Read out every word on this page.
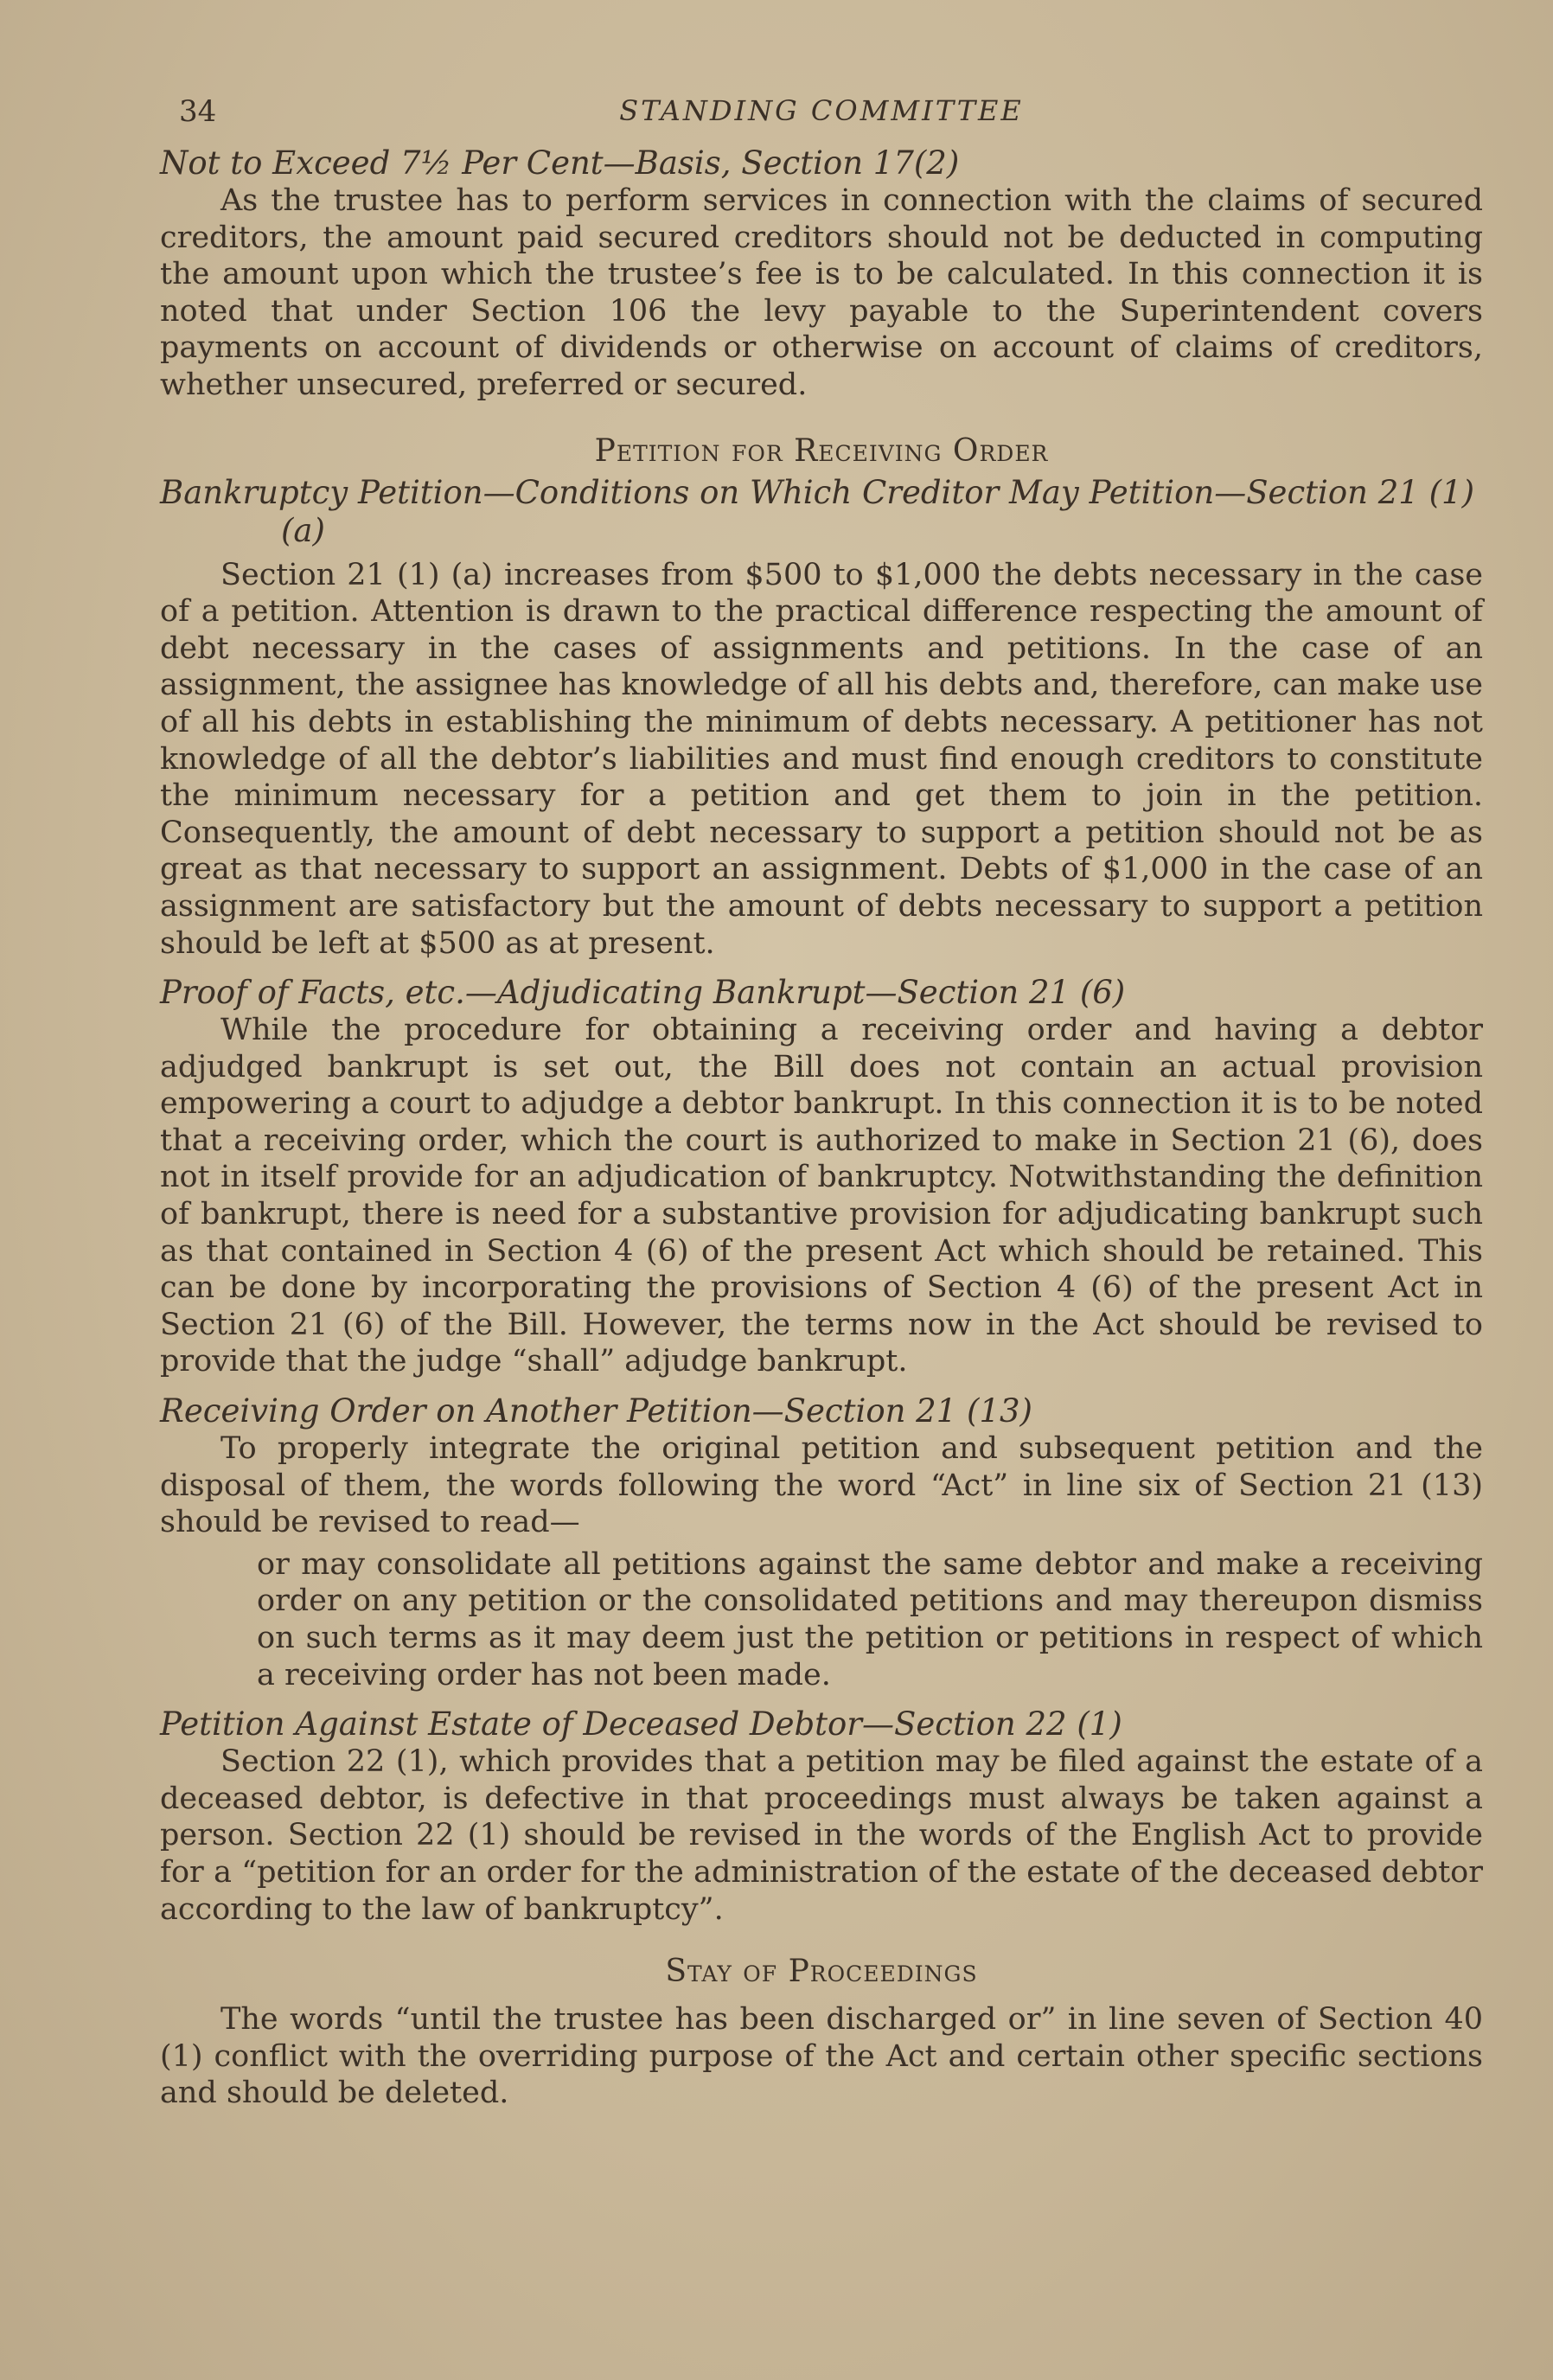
34	STANDING COMMITTEE

Not to Exceed 7½ Per Cent—Basis, Section 17(2)

As the trustee has to perform services in connection with the claims of secured creditors, the amount paid secured creditors should not be deducted in computing the amount upon which the trustee’s fee is to be calculated. In this connection it is noted that under Section 106 the levy payable to the Superintendent covers payments on account of dividends or otherwise on account of claims of creditors, whether unsecured, preferred or secured.

Petition for Receiving Order

Bankruptcy Petition—Conditions on Which Creditor May Petition—Section 21 (1) (a)

Section 21 (1) (a) increases from $500 to $1,000 the debts necessary in the case of a petition. Attention is drawn to the practical difference respecting the amount of debt necessary in the cases of assignments and petitions. In the case of an assignment, the assignee has knowledge of all his debts and, therefore, can make use of all his debts in establishing the minimum of debts necessary. A petitioner has not knowledge of all the debtor’s liabilities and must find enough creditors to constitute the minimum necessary for a petition and get them to join in the petition. Consequently, the amount of debt necessary to support a petition should not be as great as that necessary to support an assignment. Debts of $1,000 in the case of an assignment are satisfactory but the amount of debts necessary to support a petition should be left at $500 as at present.

Proof of Facts, etc.—Adjudicating Bankrupt—Section 21 (6)

While the procedure for obtaining a receiving order and having a debtor adjudged bankrupt is set out, the Bill does not contain an actual provision empowering a court to adjudge a debtor bankrupt. In this connection it is to be noted that a receiving order, which the court is authorized to make in Section 21 (6), does not in itself provide for an adjudication of bankruptcy. Notwithstanding the definition of bankrupt, there is need for a substantive provision for adjudicating bankrupt such as that contained in Section 4 (6) of the present Act which should be retained. This can be done by incorporating the provisions of Section 4 (6) of the present Act in Section 21 (6) of the Bill. However, the terms now in the Act should be revised to provide that the judge “shall” adjudge bankrupt.

Receiving Order on Another Petition—Section 21 (13)

To properly integrate the original petition and subsequent petition and the disposal of them, the words following the word “Act” in line six of Section 21 (13) should be revised to read—

or may consolidate all petitions against the same debtor and make a receiving order on any petition or the consolidated petitions and may thereupon dismiss on such terms as it may deem just the petition or petitions in respect of which a receiving order has not been made.

Petition Against Estate of Deceased Debtor—Section 22 (1)

Section 22 (1), which provides that a petition may be filed against the estate of a deceased debtor, is defective in that proceedings must always be taken against a person. Section 22 (1) should be revised in the words of the English Act to provide for a “petition for an order for the administration of the estate of the deceased debtor according to the law of bankruptcy”.

Stay of Proceedings

The words “until the trustee has been discharged or” in line seven of Section 40 (1) conflict with the overriding purpose of the Act and certain other specific sections and should be deleted.
